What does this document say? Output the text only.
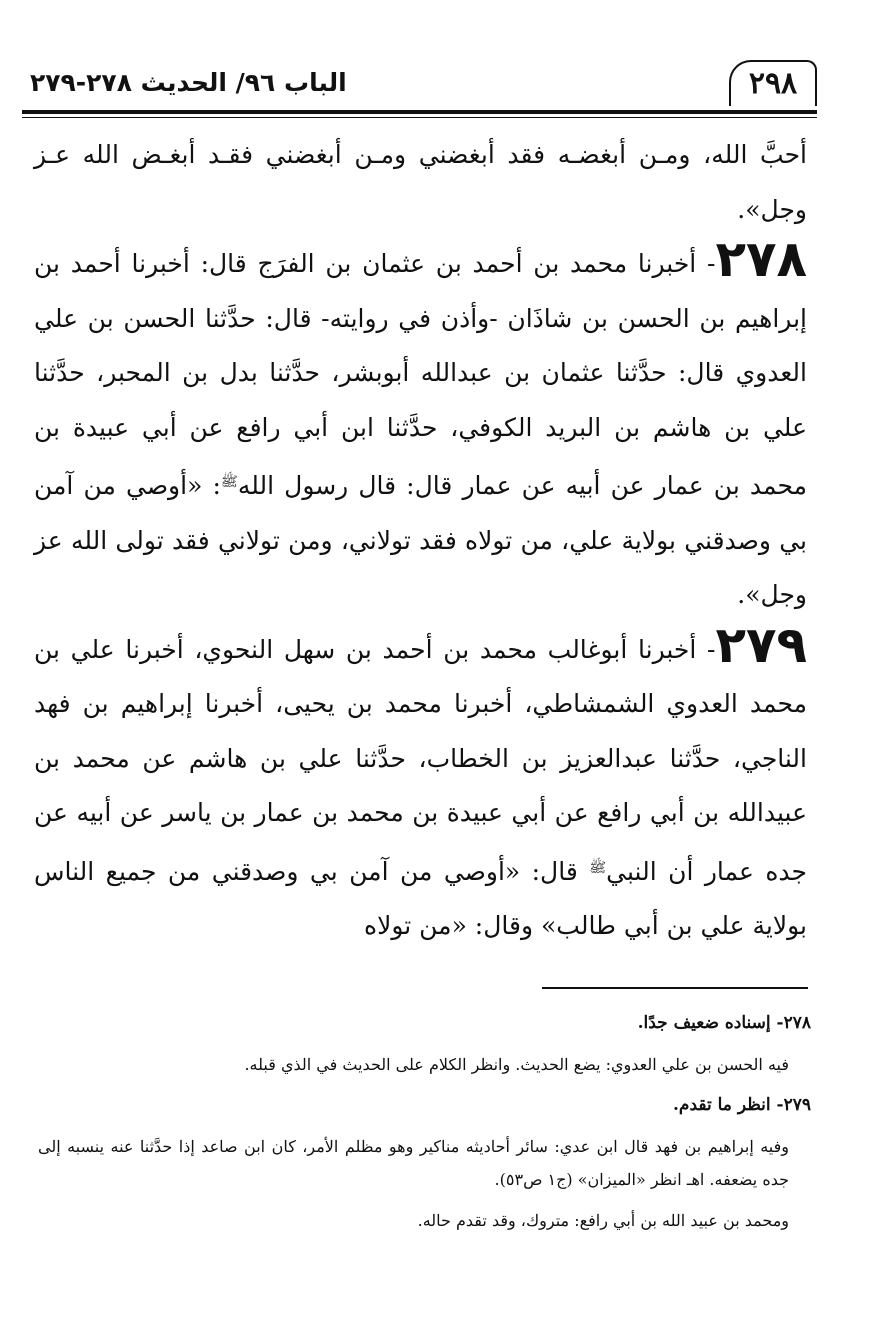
٢٩٨
الباب ٩٦/ الحديث ٢٧٨-٢٧٩

أحبَّ الله، ومـن أبغضـه فقد أبغضني ومـن أبغضني فقـد أبغـض الله عـز وجل».

٢٧٨- أخبرنا محمد بن أحمد بن عثمان بن الفرَج قال: أخبرنا أحمد بن إبراهيم بن الحسن بن شاذَان -وأذن في روايته- قال: حدَّثنا الحسن بن علي العدوي قال: حدَّثنا عثمان بن عبدالله أبوبشر، حدَّثنا بدل بن المحبر، حدَّثنا علي بن هاشم بن البريد الكوفي، حدَّثنا ابن أبي رافع عن أبي عبيدة بن محمد بن عمار عن أبيه عن عمار قال: قال رسول الله$^ﷺ$: «أوصي من آمن بي وصدقني بولاية علي، من تولاه فقد تولاني، ومن تولاني فقد تولى الله عز وجل».

٢٧٩- أخبرنا أبوغالب محمد بن أحمد بن سهل النحوي، أخبرنا علي بن محمد العدوي الشمشاطي، أخبرنا محمد بن يحيى، أخبرنا إبراهيم بن فهد الناجي، حدَّثنا عبدالعزيز بن الخطاب، حدَّثنا علي بن هاشم عن محمد بن عبيدالله بن أبي رافع عن أبي عبيدة بن محمد بن عمار بن ياسر عن أبيه عن جده عمار أن النبي$^ﷺ$ قال: «أوصي من آمن بي وصدقني من جميع الناس بولاية علي بن أبي طالب» وقال: «من تولاه

٢٧٨- إسناده ضعيف جدًا.

فيه الحسن بن علي العدوي: يضع الحديث. وانظر الكلام على الحديث في الذي قبله.

٢٧٩- انظر ما تقدم.

وفيه إبراهيم بن فهد قال ابن عدي: سائر أحاديثه مناكير وهو مظلم الأمر، كان ابن صاعد إذا حدَّثنا عنه ينسبه إلى جده يضعفه. اهـ انظر «الميزان» (ج١ ص٥٣).

ومحمد بن عبيد الله بن أبي رافع: متروك، وقد تقدم حاله.
